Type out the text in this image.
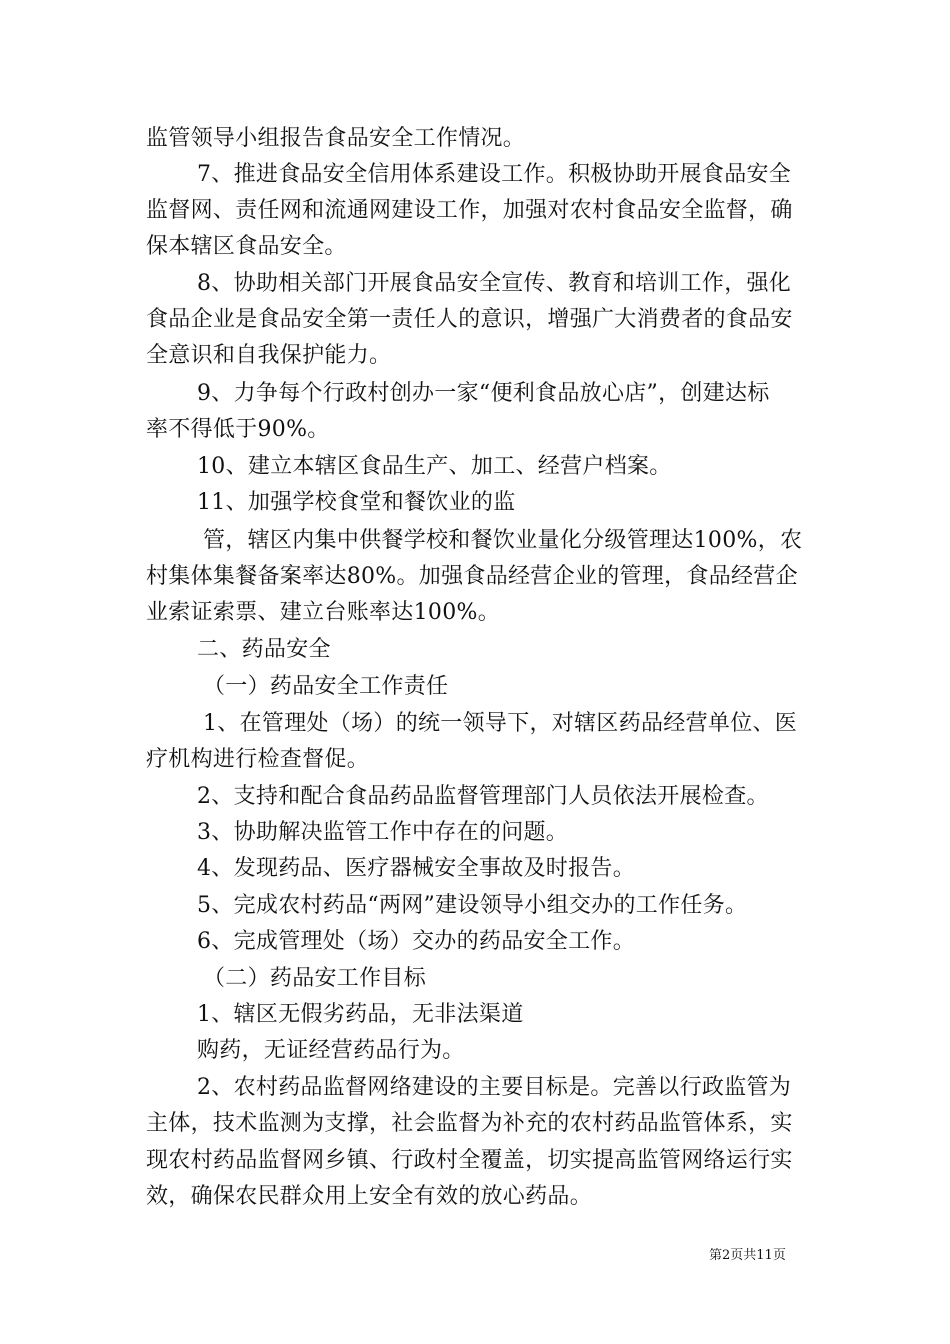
监管领导小组报告食品安全工作情况。
7、推进食品安全信用体系建设工作。积极协助开展食品安全
监督网、责任网和流通网建设工作，加强对农村食品安全监督，确
保本辖区食品安全。
8、协助相关部门开展食品安全宣传、教育和培训工作，强化
食品企业是食品安全第一责任人的意识，增强广大消费者的食品安
全意识和自我保护能力。
9、力争每个行政村创办一家“便利食品放心店”，创建达标
率不得低于90%。
10、建立本辖区食品生产、加工、经营户档案。
11、加强学校食堂和餐饮业的监
管，辖区内集中供餐学校和餐饮业量化分级管理达100%，农
村集体集餐备案率达80%。加强食品经营企业的管理，食品经营企
业索证索票、建立台账率达100%。
二、药品安全
（一）药品安全工作责任
1、在管理处（场）的统一领导下，对辖区药品经营单位、医
疗机构进行检查督促。
2、支持和配合食品药品监督管理部门人员依法开展检查。
3、协助解决监管工作中存在的问题。
4、发现药品、医疗器械安全事故及时报告。
5、完成农村药品“两网”建设领导小组交办的工作任务。
6、完成管理处（场）交办的药品安全工作。
（二）药品安工作目标
1、辖区无假劣药品，无非法渠道
购药，无证经营药品行为。
2、农村药品监督网络建设的主要目标是。完善以行政监管为
主体，技术监测为支撑，社会监督为补充的农村药品监管体系，实
现农村药品监督网乡镇、行政村全覆盖，切实提高监管网络运行实
效，确保农民群众用上安全有效的放心药品。
第2页共11页
